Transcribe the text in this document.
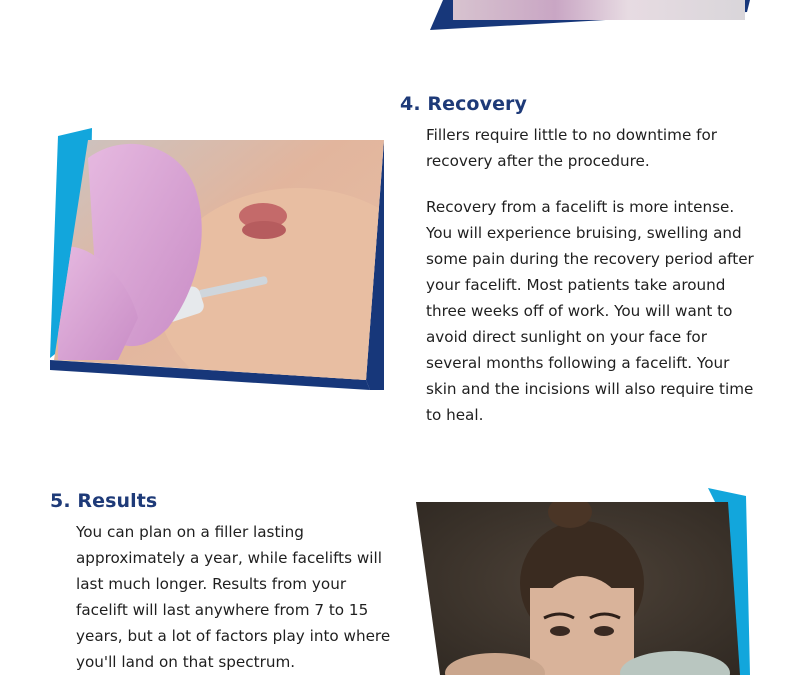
4. Recovery

Fillers require little to no downtime for recovery after the procedure.

Recovery from a facelift is more intense. You will experience bruising, swelling and some pain during the recovery period after your facelift. Most patients take around three weeks off of work. You will want to avoid direct sunlight on your face for several months following a facelift. Your skin and the incisions will also require time to heal.

5. Results

You can plan on a filler lasting approximately a year, while facelifts will last much longer. Results from your facelift will last anywhere from 7 to 15 years, but a lot of factors play into where you'll land on that spectrum.
